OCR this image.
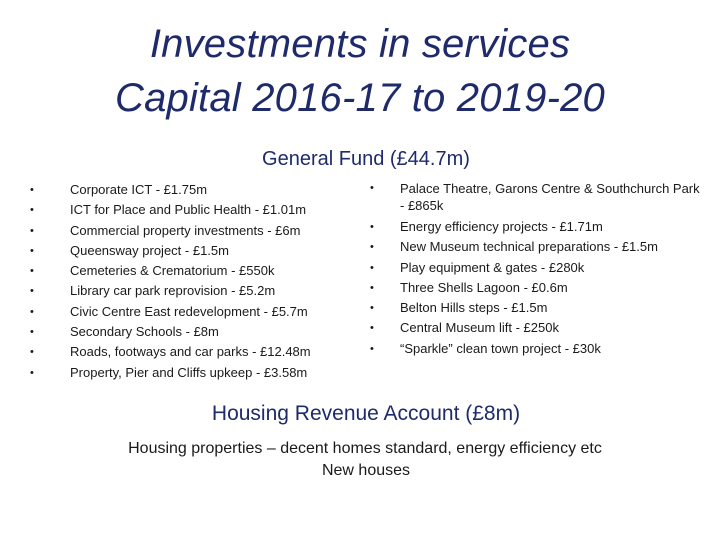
Investments in services
Capital 2016-17 to 2019-20
General Fund (£44.7m)
•	Corporate ICT - £1.75m
•	ICT for Place and Public Health - £1.01m
•	Commercial property investments - £6m
•	Queensway project - £1.5m
•	Cemeteries & Crematorium - £550k
•	Library car park reprovision - £5.2m
•	Civic Centre East redevelopment - £5.7m
•	Secondary Schools - £8m
•	Roads, footways and car parks - £12.48m
•	Property, Pier and Cliffs upkeep - £3.58m
• Palace Theatre, Garons Centre & Southchurch Park - £865k
• Energy efficiency projects - £1.71m
• New Museum technical preparations - £1.5m
• Play equipment & gates - £280k
• Three Shells Lagoon - £0.6m
• Belton Hills steps - £1.5m
• Central Museum lift - £250k
• “Sparkle” clean town project - £30k
Housing Revenue Account (£8m)
Housing properties – decent homes standard, energy efficiency etc
New houses
